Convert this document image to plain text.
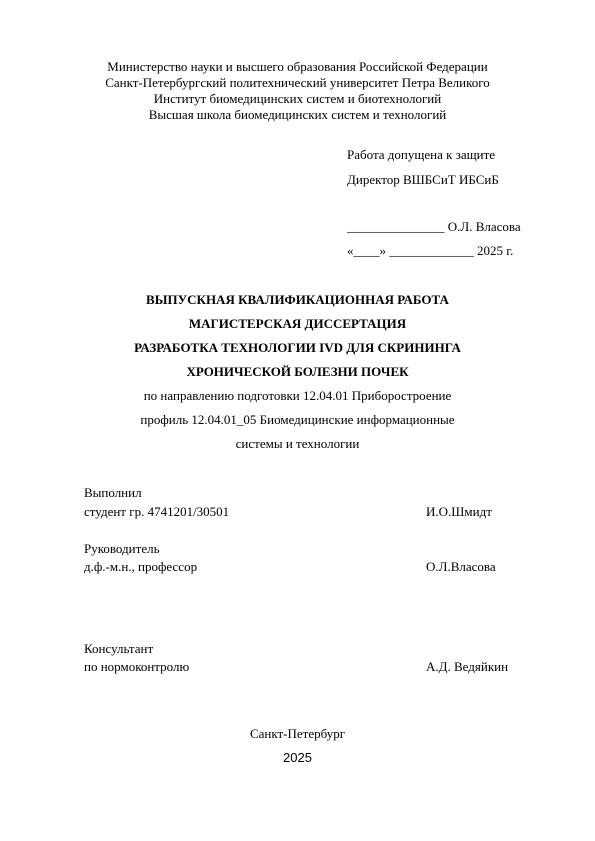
Министерство науки и высшего образования Российской Федерации
Санкт-Петербургский политехнический университет Петра Великого
Институт биомедицинских систем и биотехнологий
Высшая школа биомедицинских систем и технологий
Работа допущена к защите
Директор ВШБСиТ ИБСиБ
_______________ О.Л. Власова
«____» _____________ 2025 г.
ВЫПУСКНАЯ КВАЛИФИКАЦИОННАЯ РАБОТА
МАГИСТЕРСКАЯ ДИССЕРТАЦИЯ
РАЗРАБОТКА ТЕХНОЛОГИИ IVD ДЛЯ СКРИНИНГА
ХРОНИЧЕСКОЙ БОЛЕЗНИ ПОЧЕК
по направлению подготовки 12.04.01 Приборостроение
профиль 12.04.01_05 Биомедицинские информационные
системы и технологии
Выполнил
студент гр. 4741201/30501	И.О.Шмидт
Руководитель
д.ф.-м.н., профессор	О.Л.Власова
Консультант
по нормоконтролю	А.Д. Ведяйкин
Санкт-Петербург
2025
